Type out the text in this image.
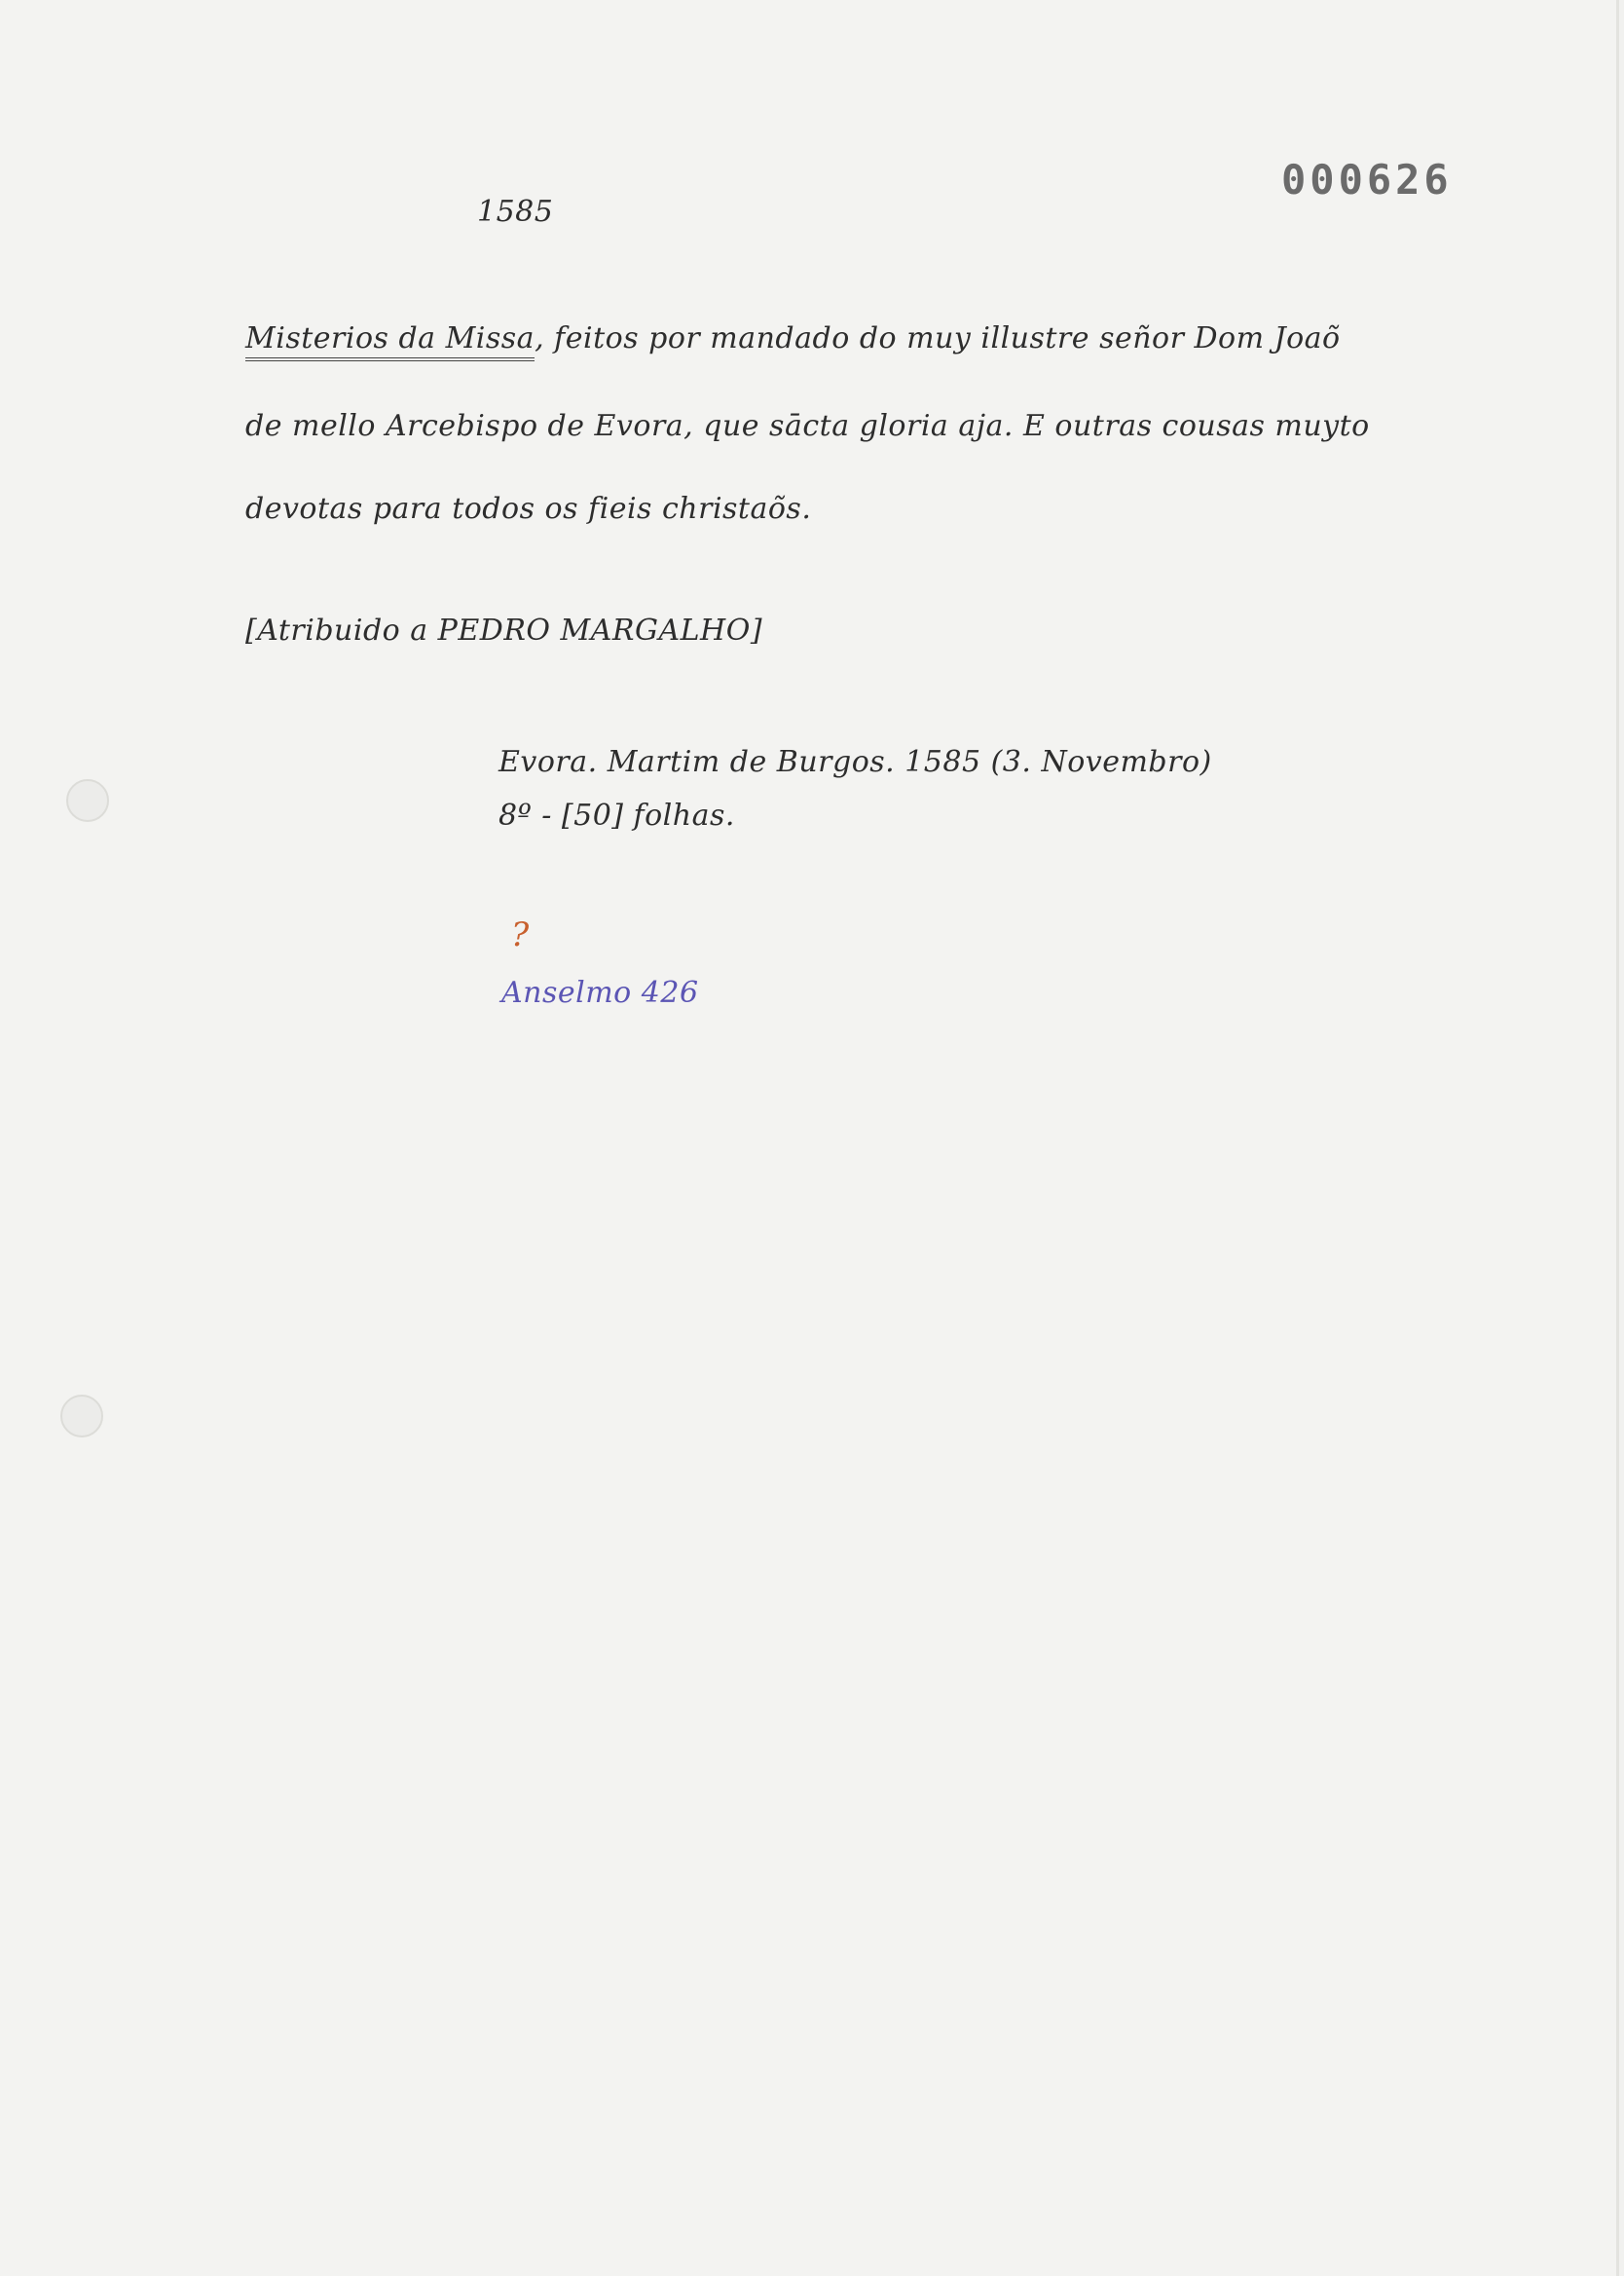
000626
1585
Misterios da Missa, feitos por mandado do muy illustre señor Dom Joaõ
de mello Arcebispo de Evora, que sācta gloria aja. E outras cousas muyto
devotas para todos os fieis christaõs.
[Atribuido a PEDRO MARGALHO]
Evora. Martim de Burgos. 1585 (3. Novembro)
8º - [50] folhas.
?
Anselmo 426
